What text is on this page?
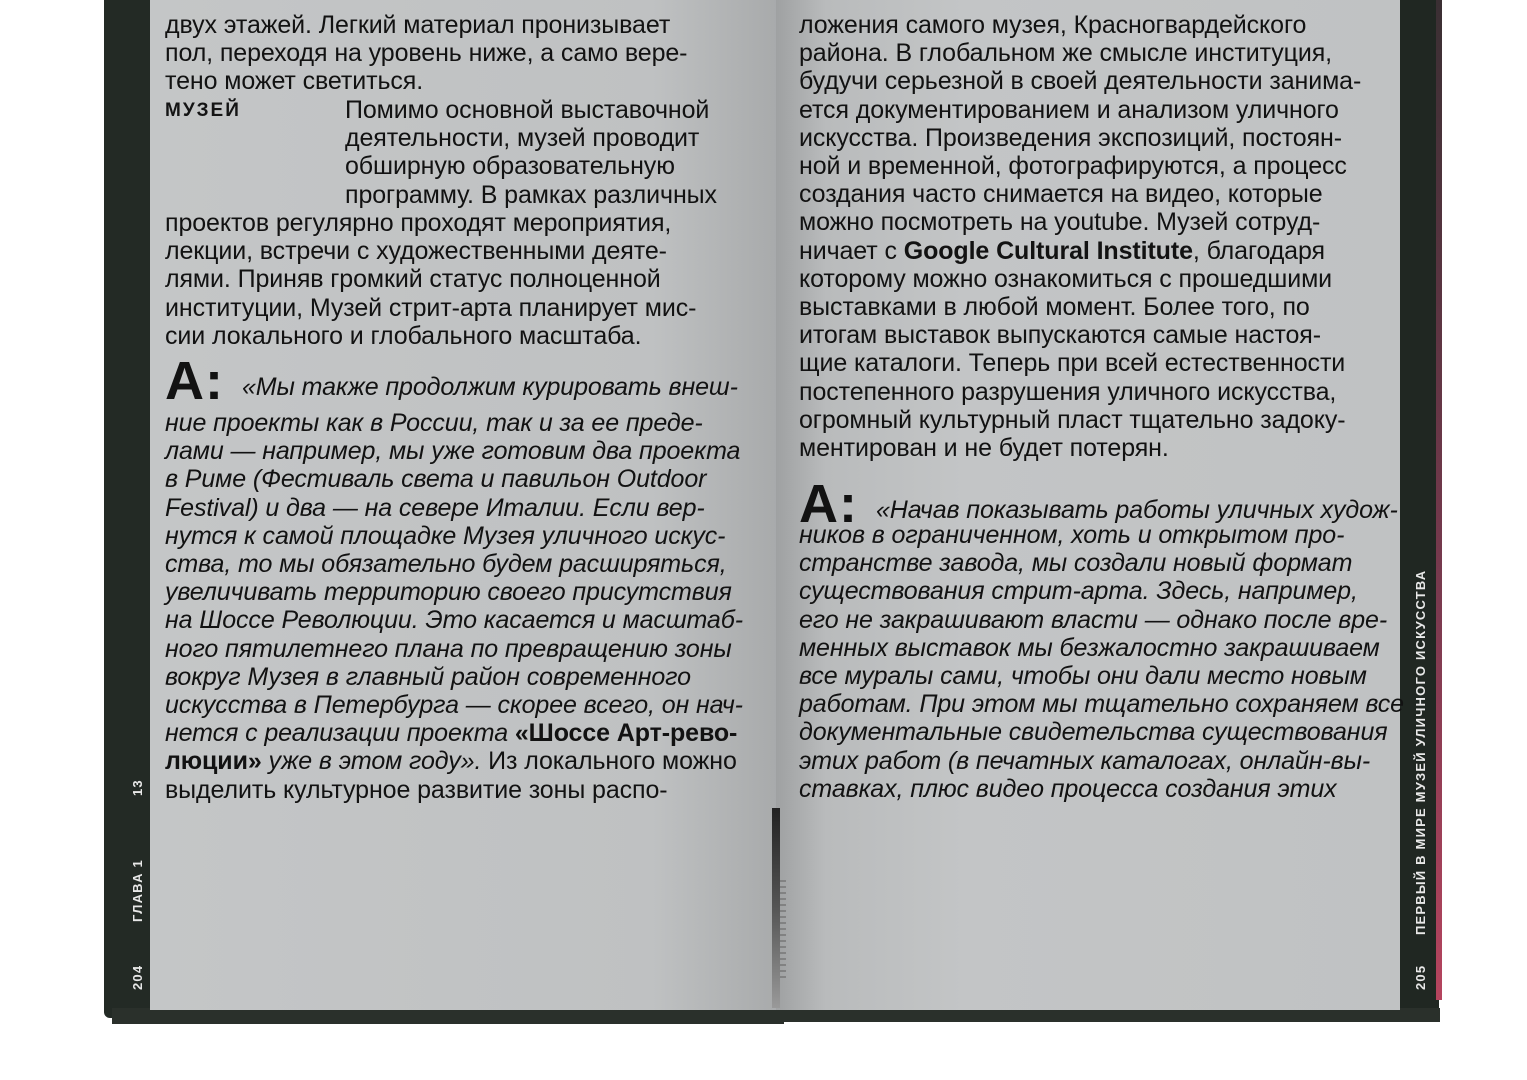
двух этажей. Легкий материал пронизывает

пол, переходя на уровень ниже, а само вере-

тено может светиться.

МУЗЕЙ	Помимо основной выставочной

деятельности, музей проводит

обширную образовательную

программу. В рамках различных

проектов регулярно проходят мероприятия,

лекции, встречи с художественными деяте-

лями. Приняв громкий статус полноценной

институции, Музей стрит-арта планирует мис-

сии локального и глобального масштаба.

А: «Мы также продолжим курировать внеш-

ние проекты как в России, так и за ее преде-

лами — например, мы уже готовим два проекта

в Риме (Фестиваль света и павильон Outdoor

Festival) и два — на севере Италии. Если вер-

нутся к самой площадке Музея уличного искус-

ства, то мы обязательно будем расширяться,

увеличивать территорию своего присутствия

на Шоссе Революции. Это касается и масштаб-

ного пятилетнего плана по превращению зоны

вокруг Музея в главный район современного

искусства в Петербурга — скорее всего, он нач-

нется с реализации проекта «Шоссе Арт-рево-

люции» уже в этом году». Из локального можно

выделить культурное развитие зоны распо-

204
ГЛАВА 1
13

ложения самого музея, Красногвардейского

района. В глобальном же смысле институция,

будучи серьезной в своей деятельности занима-

ется документированием и анализом уличного

искусства. Произведения экспозиций, постоян-

ной и временной, фотографируются, а процесс

создания часто снимается на видео, которые

можно посмотреть на youtube. Музей сотруд-

ничает с Google Cultural Institute, благодаря

которому можно ознакомиться с прошедшими

выставками в любой момент. Более того, по

итогам выставок выпускаются самые настоя-

щие каталоги. Теперь при всей естественности

постепенного разрушения уличного искусства,

огромный культурный пласт тщательно задоку-

ментирован и не будет потерян.

А: «Начав показывать работы уличных худож-

ников в ограниченном, хоть и открытом про-

странстве завода, мы создали новый формат

существования стрит-арта. Здесь, например,

его не закрашивают власти — однако после вре-

менных выставок мы безжалостно закрашиваем

все муралы сами, чтобы они дали место новым

работам. При этом мы тщательно сохраняем все

документальные свидетельства существования

этих работ (в печатных каталогах, онлайн-вы-

ставках, плюс видео процесса создания этих

205
ПЕРВЫЙ В МИРЕ МУЗЕЙ УЛИЧНОГО ИСКУССТВА
